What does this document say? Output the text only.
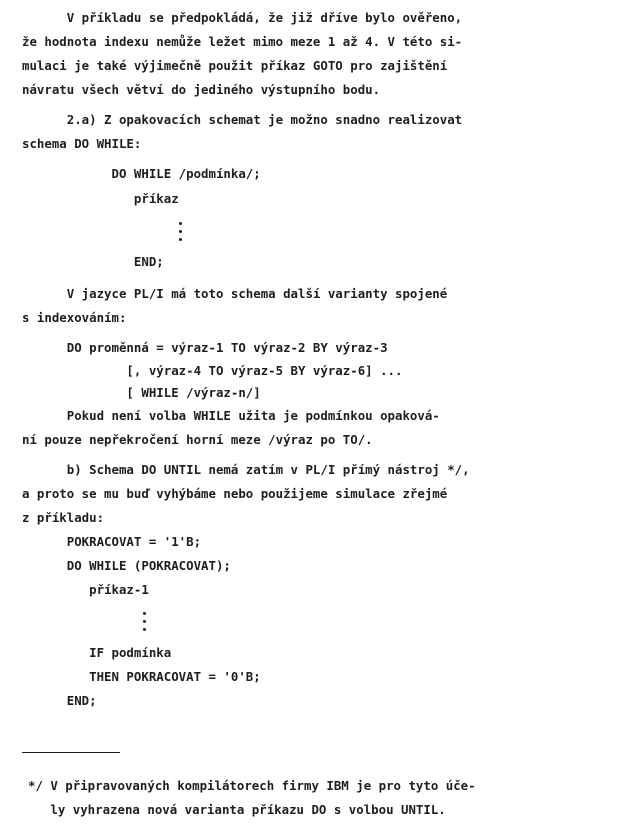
V příkladu se předpokládá, že již dříve bylo ověřeno,
že hodnota indexu nemůže ležet mimo meze 1 až 4. V této si-
mulaci je také výjimečně použit příkaz GOTO pro zajištění
návratu všech větví do jediného výstupního bodu.
2.a) Z opakovacích schemat je možno snadno realizovat
schema DO WHILE:
DO WHILE /podmínka/;
příkaz
END;
V jazyce PL/I má toto schema další varianty spojené
s indexováním:
DO proměnná = výraz-1 TO výraz-2 BY výraz-3
[, výraz-4 TO výraz-5 BY výraz-6] ...
[ WHILE /výraz-n/]
Pokud není volba WHILE užita je podmínkou opaková-
ní pouze nepřekročení horní meze /výraz po TO/.
b) Schema DO UNTIL nemá zatím v PL/I přímý nástroj */,
a proto se mu buď vyhýbáme nebo použijeme simulace zřejmé
z příkladu:
POKRACOVAT = '1'B;
DO WHILE (POKRACOVAT);
příkaz-1
IF podmínka
THEN POKRACOVAT = '0'B;
END;
*/ V připravovaných kompilátorech firmy IBM je pro tyto úče-
ly vyhrazena nová varianta příkazu DO s volbou UNTIL.
